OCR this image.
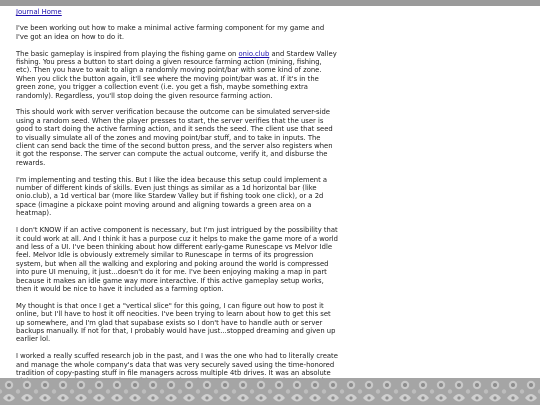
Journal Home

I've been working out how to make a minimal active farming component for my game and I've got an idea on how to do it.

The basic gameplay is inspired from playing the fishing game on onio.club and Stardew Valley fishing. You press a button to start doing a given resource farming action (mining, fishing, etc). Then you have to wait to align a randomly moving point/bar with some kind of zone. When you click the button again, it'll see where the moving point/bar was at. If it's in the green zone, you trigger a collection event (i.e. you get a fish, maybe something extra randomly). Regardless, you'll stop doing the given resource farming action.

This should work with server verification because the outcome can be simulated server-side using a random seed. When the player presses to start, the server verifies that the user is good to start doing the active farming action, and it sends the seed. The client use that seed to visually simulate all of the zones and moving point/bar stuff, and to take in inputs. The client can send back the time of the second button press, and the server also registers when it got the response. The server can compute the actual outcome, verify it, and disburse the rewards.

I'm implementing and testing this. But I like the idea because this setup could implement a number of different kinds of skills. Even just things as similar as a 1d horizontal bar (like onio.club), a 1d vertical bar (more like Stardew Valley but if fishing took one click), or a 2d space (imagine a pickaxe point moving around and aligning towards a green area on a heatmap).

I don't KNOW if an active component is necessary, but I'm just intrigued by the possibility that it could work at all. And I think it has a purpose cuz it helps to make the game more of a world and less of a UI. I've been thinking about how different early-game Runescape vs Melvor Idle feel. Melvor Idle is obviously extremely similar to Runescape in terms of its progression system, but when all the walking and exploring and poking around the world is compressed into pure UI menuing, it just...doesn't do it for me. I've been enjoying making a map in part because it makes an idle game way more interactive. If this active gameplay setup works, then it would be nice to have it included as a farming option.

My thought is that once I get a "vertical slice" for this going, I can figure out how to post it online, but I'll have to host it off neocities. I've been trying to learn about how to get this set up somewhere, and I'm glad that supabase exists so I don't have to handle auth or server backups manually. If not for that, I probably would have just...stopped dreaming and given up earlier lol.

I worked a really scuffed research job in the past, and I was the one who had to literally create and manage the whole company's data that was very securely saved using the time-honored tradition of copy-pasting stuff in file managers across multiple 4tb drives. It was an absolute
